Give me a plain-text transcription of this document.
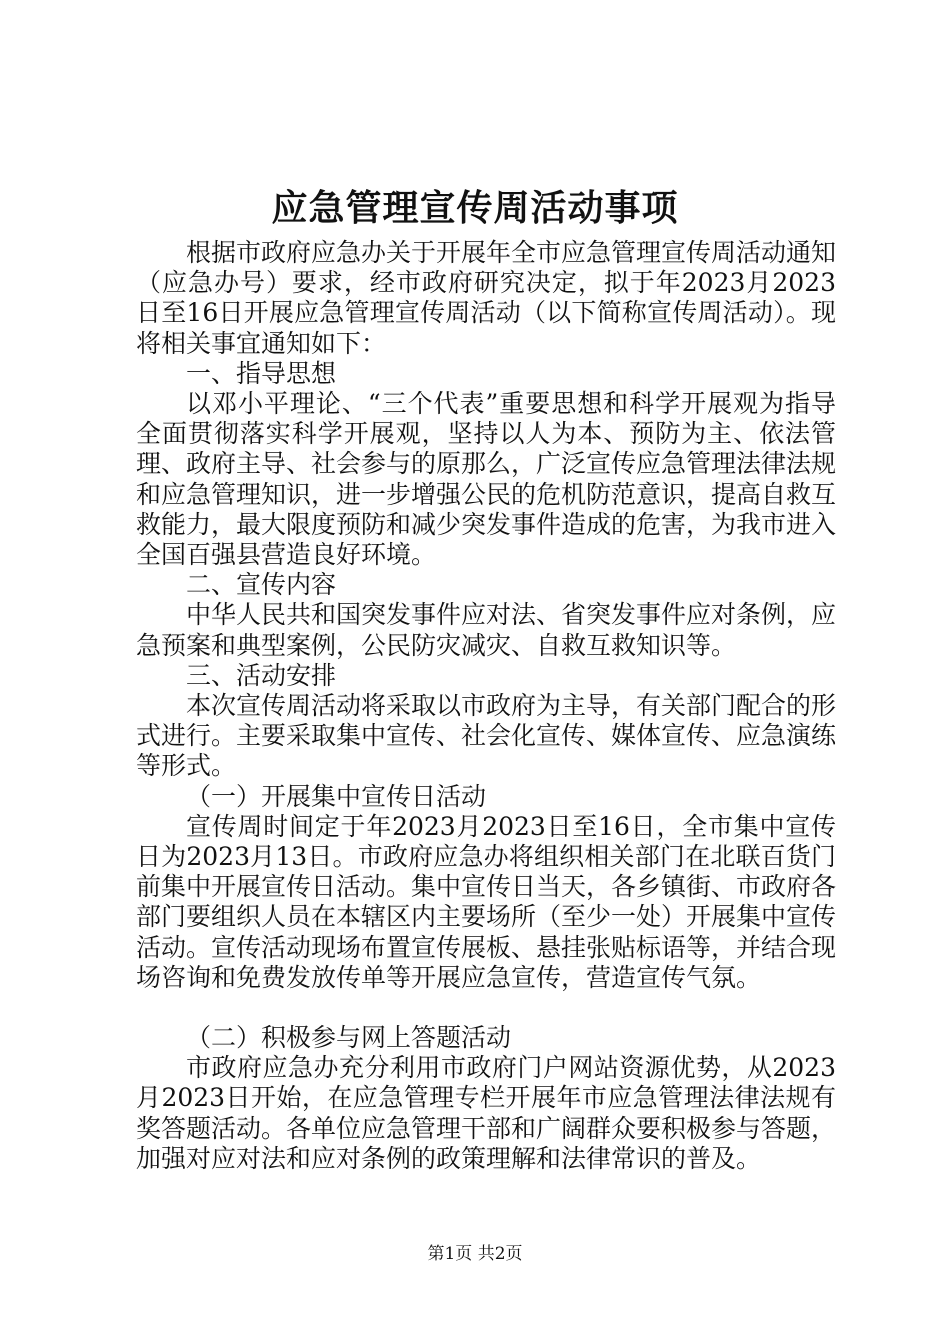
应急管理宣传周活动事项

根据市政府应急办关于开展年全市应急管理宣传周活动通知（应急办号）要求，经市政府研究决定，拟于年2023月2023日至16日开展应急管理宣传周活动（以下简称宣传周活动）。现将相关事宜通知如下：

一、指导思想

以邓小平理论、“三个代表”重要思想和科学开展观为指导全面贯彻落实科学开展观，坚持以人为本、预防为主、依法管理、政府主导、社会参与的原那么，广泛宣传应急管理法律法规和应急管理知识，进一步增强公民的危机防范意识，提高自救互救能力，最大限度预防和减少突发事件造成的危害，为我市进入全国百强县营造良好环境。

二、宣传内容

中华人民共和国突发事件应对法、省突发事件应对条例，应急预案和典型案例，公民防灾减灾、自救互救知识等。

三、活动安排

本次宣传周活动将采取以市政府为主导，有关部门配合的形式进行。主要采取集中宣传、社会化宣传、媒体宣传、应急演练等形式。

（一）开展集中宣传日活动

宣传周时间定于年2023月2023日至16日，全市集中宣传日为2023月13日。市政府应急办将组织相关部门在北联百货门前集中开展宣传日活动。集中宣传日当天，各乡镇街、市政府各部门要组织人员在本辖区内主要场所（至少一处）开展集中宣传活动。宣传活动现场布置宣传展板、悬挂张贴标语等，并结合现场咨询和免费发放传单等开展应急宣传，营造宣传气氛。

（二）积极参与网上答题活动

市政府应急办充分利用市政府门户网站资源优势，从2023月2023日开始，在应急管理专栏开展年市应急管理法律法规有奖答题活动。各单位应急管理干部和广阔群众要积极参与答题，加强对应对法和应对条例的政策理解和法律常识的普及。

第1页 共2页
